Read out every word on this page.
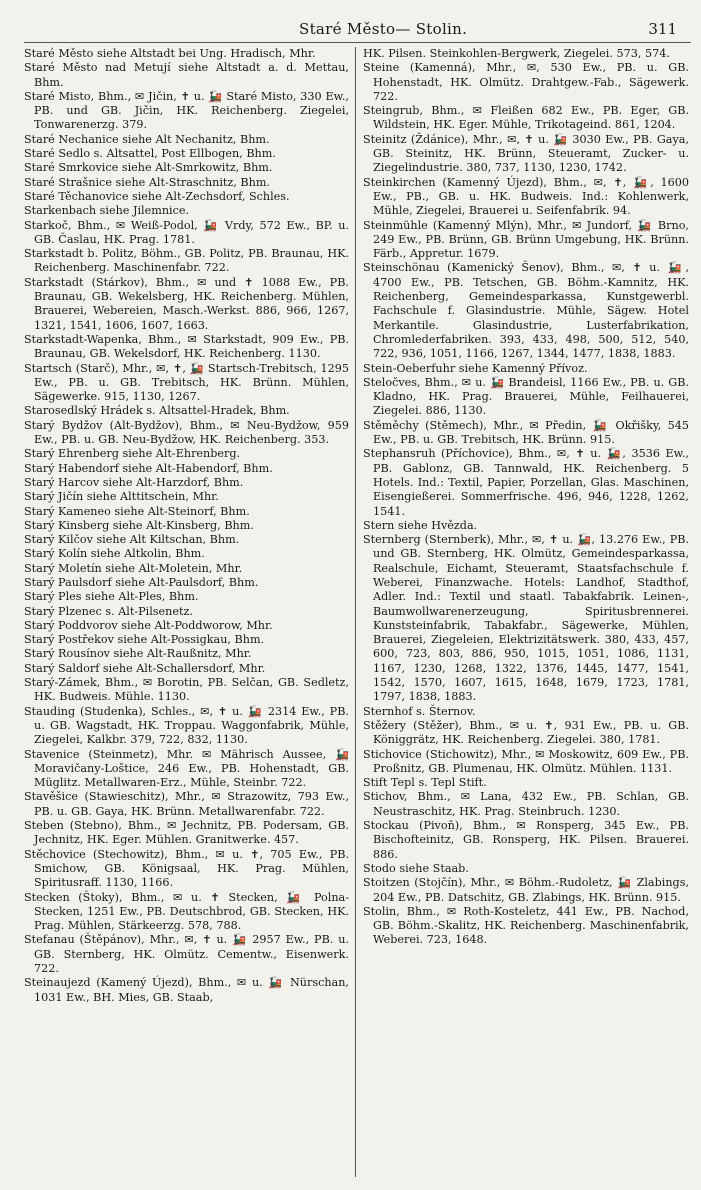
Staré Město— Stolin.	311

Staré Město siehe Altstadt bei Ung. Hradisch, Mhr.

Staré Město nad Metují siehe Altstadt a. d. Mettau, Bhm.

Staré Misto, Bhm., ✉ Jičin, ✝ u. 🚂 Staré Misto, 330 Ew., PB. und GB. Jičin, HK. Reichenberg. Ziegelei, Tonwarenerzg. 379.

Staré Nechanice siehe Alt Nechanitz, Bhm.

Staré Sedlo s. Altsattel, Post Ellbogen, Bhm.

Staré Smrkovice siehe Alt-Smrkowitz, Bhm.

Staré Strašnice siehe Alt-Straschnitz, Bhm.

Staré Těchanovice siehe Alt-Zechsdorf, Schles.

Starkenbach siehe Jilemnice.

Starkoč, Bhm., ✉ Weiß-Podol, 🚂 Vrdy, 572 Ew., BP. u. GB. Časlau, HK. Prag. 1781.

Starkstadt b. Politz, Böhm., GB. Politz, PB. Braunau, HK. Reichenberg. Maschinenfabr. 722.

Starkstadt (Stárkov), Bhm., ✉ und ✝ 1088 Ew., PB. Braunau, GB. Wekelsberg, HK. Reichenberg. Mühlen, Brauerei, Webereien, Masch.-Werkst. 886, 966, 1267, 1321, 1541, 1606, 1607, 1663.

Starkstadt-Wapenka, Bhm., ✉ Starkstadt, 909 Ew., PB. Braunau, GB. Wekelsdorf, HK. Reichenberg. 1130.

Startsch (Starč), Mhr., ✉, ✝, 🚂 Startsch-Trebitsch, 1295 Ew., PB. u. GB. Trebitsch, HK. Brünn. Mühlen, Sägewerke. 915, 1130, 1267.

Starosedlský Hrádek s. Altsattel-Hradek, Bhm.

Starý Bydžov (Alt-Bydžov), Bhm., ✉ Neu-Bydžow, 959 Ew., PB. u. GB. Neu-Bydžow, HK. Reichenberg. 353.

Starý Ehrenberg siehe Alt-Ehrenberg.

Starý Habendorf siehe Alt-Habendorf, Bhm.

Starý Harcov siehe Alt-Harzdorf, Bhm.

Starý Jičín siehe Alttitschein, Mhr.

Starý Kameneo siehe Alt-Steinorf, Bhm.

Starý Kinsberg siehe Alt-Kinsberg, Bhm.

Starý Kilčov siehe Alt Kiltschan, Bhm.

Starý Kolín siehe Altkolin, Bhm.

Starý Moletín siehe Alt-Moletein, Mhr.

Starý Paulsdorf siehe Alt-Paulsdorf, Bhm.

Starý Ples siehe Alt-Ples, Bhm.

Starý Plzenec s. Alt-Pilsenetz.

Starý Poddvorov siehe Alt-Poddworow, Mhr.

Starý Postřekov siehe Alt-Possigkau, Bhm.

Starý Rousínov siehe Alt-Raußnitz, Mhr.

Starý Saldorf siehe Alt-Schallersdorf, Mhr.

Starý-Zámek, Bhm., ✉ Borotin, PB. Selčan, GB. Sedletz, HK. Budweis. Mühle. 1130.

Stauding (Studenka), Schles., ✉, ✝ u. 🚂 2314 Ew., PB. u. GB. Wagstadt, HK. Troppau. Waggonfabrik, Mühle, Ziegelei, Kalkbr. 379, 722, 832, 1130.

Stavenice (Steinmetz), Mhr. ✉ Mährisch Aussee, 🚂 Moravičany-Loštice, 246 Ew., PB. Hohenstadt, GB. Müglitz. Metallwaren-Erz., Mühle, Steinbr. 722.

Stavěšice (Stawieschitz), Mhr., ✉ Strazowitz, 793 Ew., PB. u. GB. Gaya, HK. Brünn. Metallwarenfabr. 722.

Steben (Stebno), Bhm., ✉ Jechnitz, PB. Podersam, GB. Jechnitz, HK. Eger. Mühlen. Granitwerke. 457.

Stěchovice (Stechowitz), Bhm., ✉ u. ✝, 705 Ew., PB. Smichow, GB. Königsaal, HK. Prag. Mühlen, Spiritusraff. 1130, 1166.

Stecken (Štoky), Bhm., ✉ u. ✝ Stecken, 🚂 Polna-Stecken, 1251 Ew., PB. Deutschbrod, GB. Stecken, HK. Prag. Mühlen, Stärkeerzg. 578, 788.

Stefanau (Štěpánov), Mhr., ✉, ✝ u. 🚂 2957 Ew., PB. u. GB. Sternberg, HK. Olmütz. Cementw., Eisenwerk. 722.

Steinaujezd (Kamený Újezd), Bhm., ✉ u. 🚂 Nürschan, 1031 Ew., BH. Mies, GB. Staab,

HK. Pilsen. Steinkohlen-Bergwerk, Ziegelei. 573, 574.

Steine (Kamenná), Mhr., ✉, 530 Ew., PB. u. GB. Hohenstadt, HK. Olmütz. Drahtgew.-Fab., Sägewerk. 722.

Steingrub, Bhm., ✉ Fleißen 682 Ew., PB. Eger, GB. Wildstein, HK. Eger. Mühle, Trikotageind. 861, 1204.

Steinitz (Ždánice), Mhr., ✉, ✝ u. 🚂 3030 Ew., PB. Gaya, GB. Steinitz, HK. Brünn, Steueramt, Zucker- u. Ziegelindustrie. 380, 737, 1130, 1230, 1742.

Steinkirchen (Kamenný Újezd), Bhm., ✉, ✝, 🚂, 1600 Ew., PB., GB. u. HK. Budweis. Ind.: Kohlenwerk, Mühle, Ziegelei, Brauerei u. Seifenfabrik. 94.

Steinmühle (Kamenný Mlýn), Mhr., ✉ Jundorf, 🚂 Brno, 249 Ew., PB. Brünn, GB. Brünn Umgebung, HK. Brünn. Färb., Appretur. 1679.

Steinschönau (Kamenický Šenov), Bhm., ✉, ✝ u. 🚂, 4700 Ew., PB. Tetschen, GB. Böhm.-Kamnitz, HK. Reichenberg, Gemeindesparkassa, Kunstgewerbl. Fachschule f. Glasindustrie. Mühle, Sägew. Hotel Merkantile. Glasindustrie, Lusterfabrikation, Chromlederfabriken. 393, 433, 498, 500, 512, 540, 722, 936, 1051, 1166, 1267, 1344, 1477, 1838, 1883.

Stein-Oeberfuhr siehe Kamenný Přívoz.

Steločves, Bhm., ✉ u. 🚂 Brandeisl, 1166 Ew., PB. u. GB. Kladno, HK. Prag. Brauerei, Mühle, Feilhauerei, Ziegelei. 886, 1130.

Stěměchy (Stěmech), Mhr., ✉ Předin, 🚂 Okřišky, 545 Ew., PB. u. GB. Trebitsch, HK. Brünn. 915.

Stephansruh (Příchovice), Bhm., ✉, ✝ u. 🚂, 3536 Ew., PB. Gablonz, GB. Tannwald, HK. Reichenberg. 5 Hotels. Ind.: Textil, Papier, Porzellan, Glas. Maschinen, Eisengießerei. Sommerfrische. 496, 946, 1228, 1262, 1541.

Stern siehe Hvězda.

Sternberg (Sternberk), Mhr., ✉, ✝ u. 🚂, 13.276 Ew., PB. und GB. Sternberg, HK. Olmütz, Gemeindesparkassa, Realschule, Eichamt, Steueramt, Staatsfachschule f. Weberei, Finanzwache. Hotels: Landhof, Stadthof, Adler. Ind.: Textil und staatl. Tabakfabrik. Leinen-, Baumwollwarenerzeugung, Spiritusbrennerei. Kunststeinfabrik, Tabakfabr., Sägewerke, Mühlen, Brauerei, Ziegeleien, Elektrizitätswerk. 380, 433, 457, 600, 723, 803, 886, 950, 1015, 1051, 1086, 1131, 1167, 1230, 1268, 1322, 1376, 1445, 1477, 1541, 1542, 1570, 1607, 1615, 1648, 1679, 1723, 1781, 1797, 1838, 1883.

Sternhof s. Šternov.

Stěžery (Stěžer), Bhm., ✉ u. ✝, 931 Ew., PB. u. GB. Königgrätz, HK. Reichenberg. Ziegelei. 380, 1781.

Stichovice (Stichowitz), Mhr., ✉ Moskowitz, 609 Ew., PB. Proßnitz, GB. Plumenau, HK. Olmütz. Mühlen. 1131.

Stift Tepl s. Tepl Stift.

Stichov, Bhm., ✉ Lana, 432 Ew., PB. Schlan, GB. Neustraschitz, HK. Prag. Steinbruch. 1230.

Stockau (Pivoň), Bhm., ✉ Ronsperg, 345 Ew., PB. Bischofteinitz, GB. Ronsperg, HK. Pilsen. Brauerei. 886.

Stodo siehe Staab.

Stoitzen (Stojčín), Mhr., ✉ Böhm.-Rudoletz, 🚂 Zlabings, 204 Ew., PB. Datschitz, GB. Zlabings, HK. Brünn. 915.

Stolin, Bhm., ✉ Roth-Kosteletz, 441 Ew., PB. Nachod, GB. Böhm.-Skalitz, HK. Reichenberg. Maschinenfabrik, Weberei. 723, 1648.
